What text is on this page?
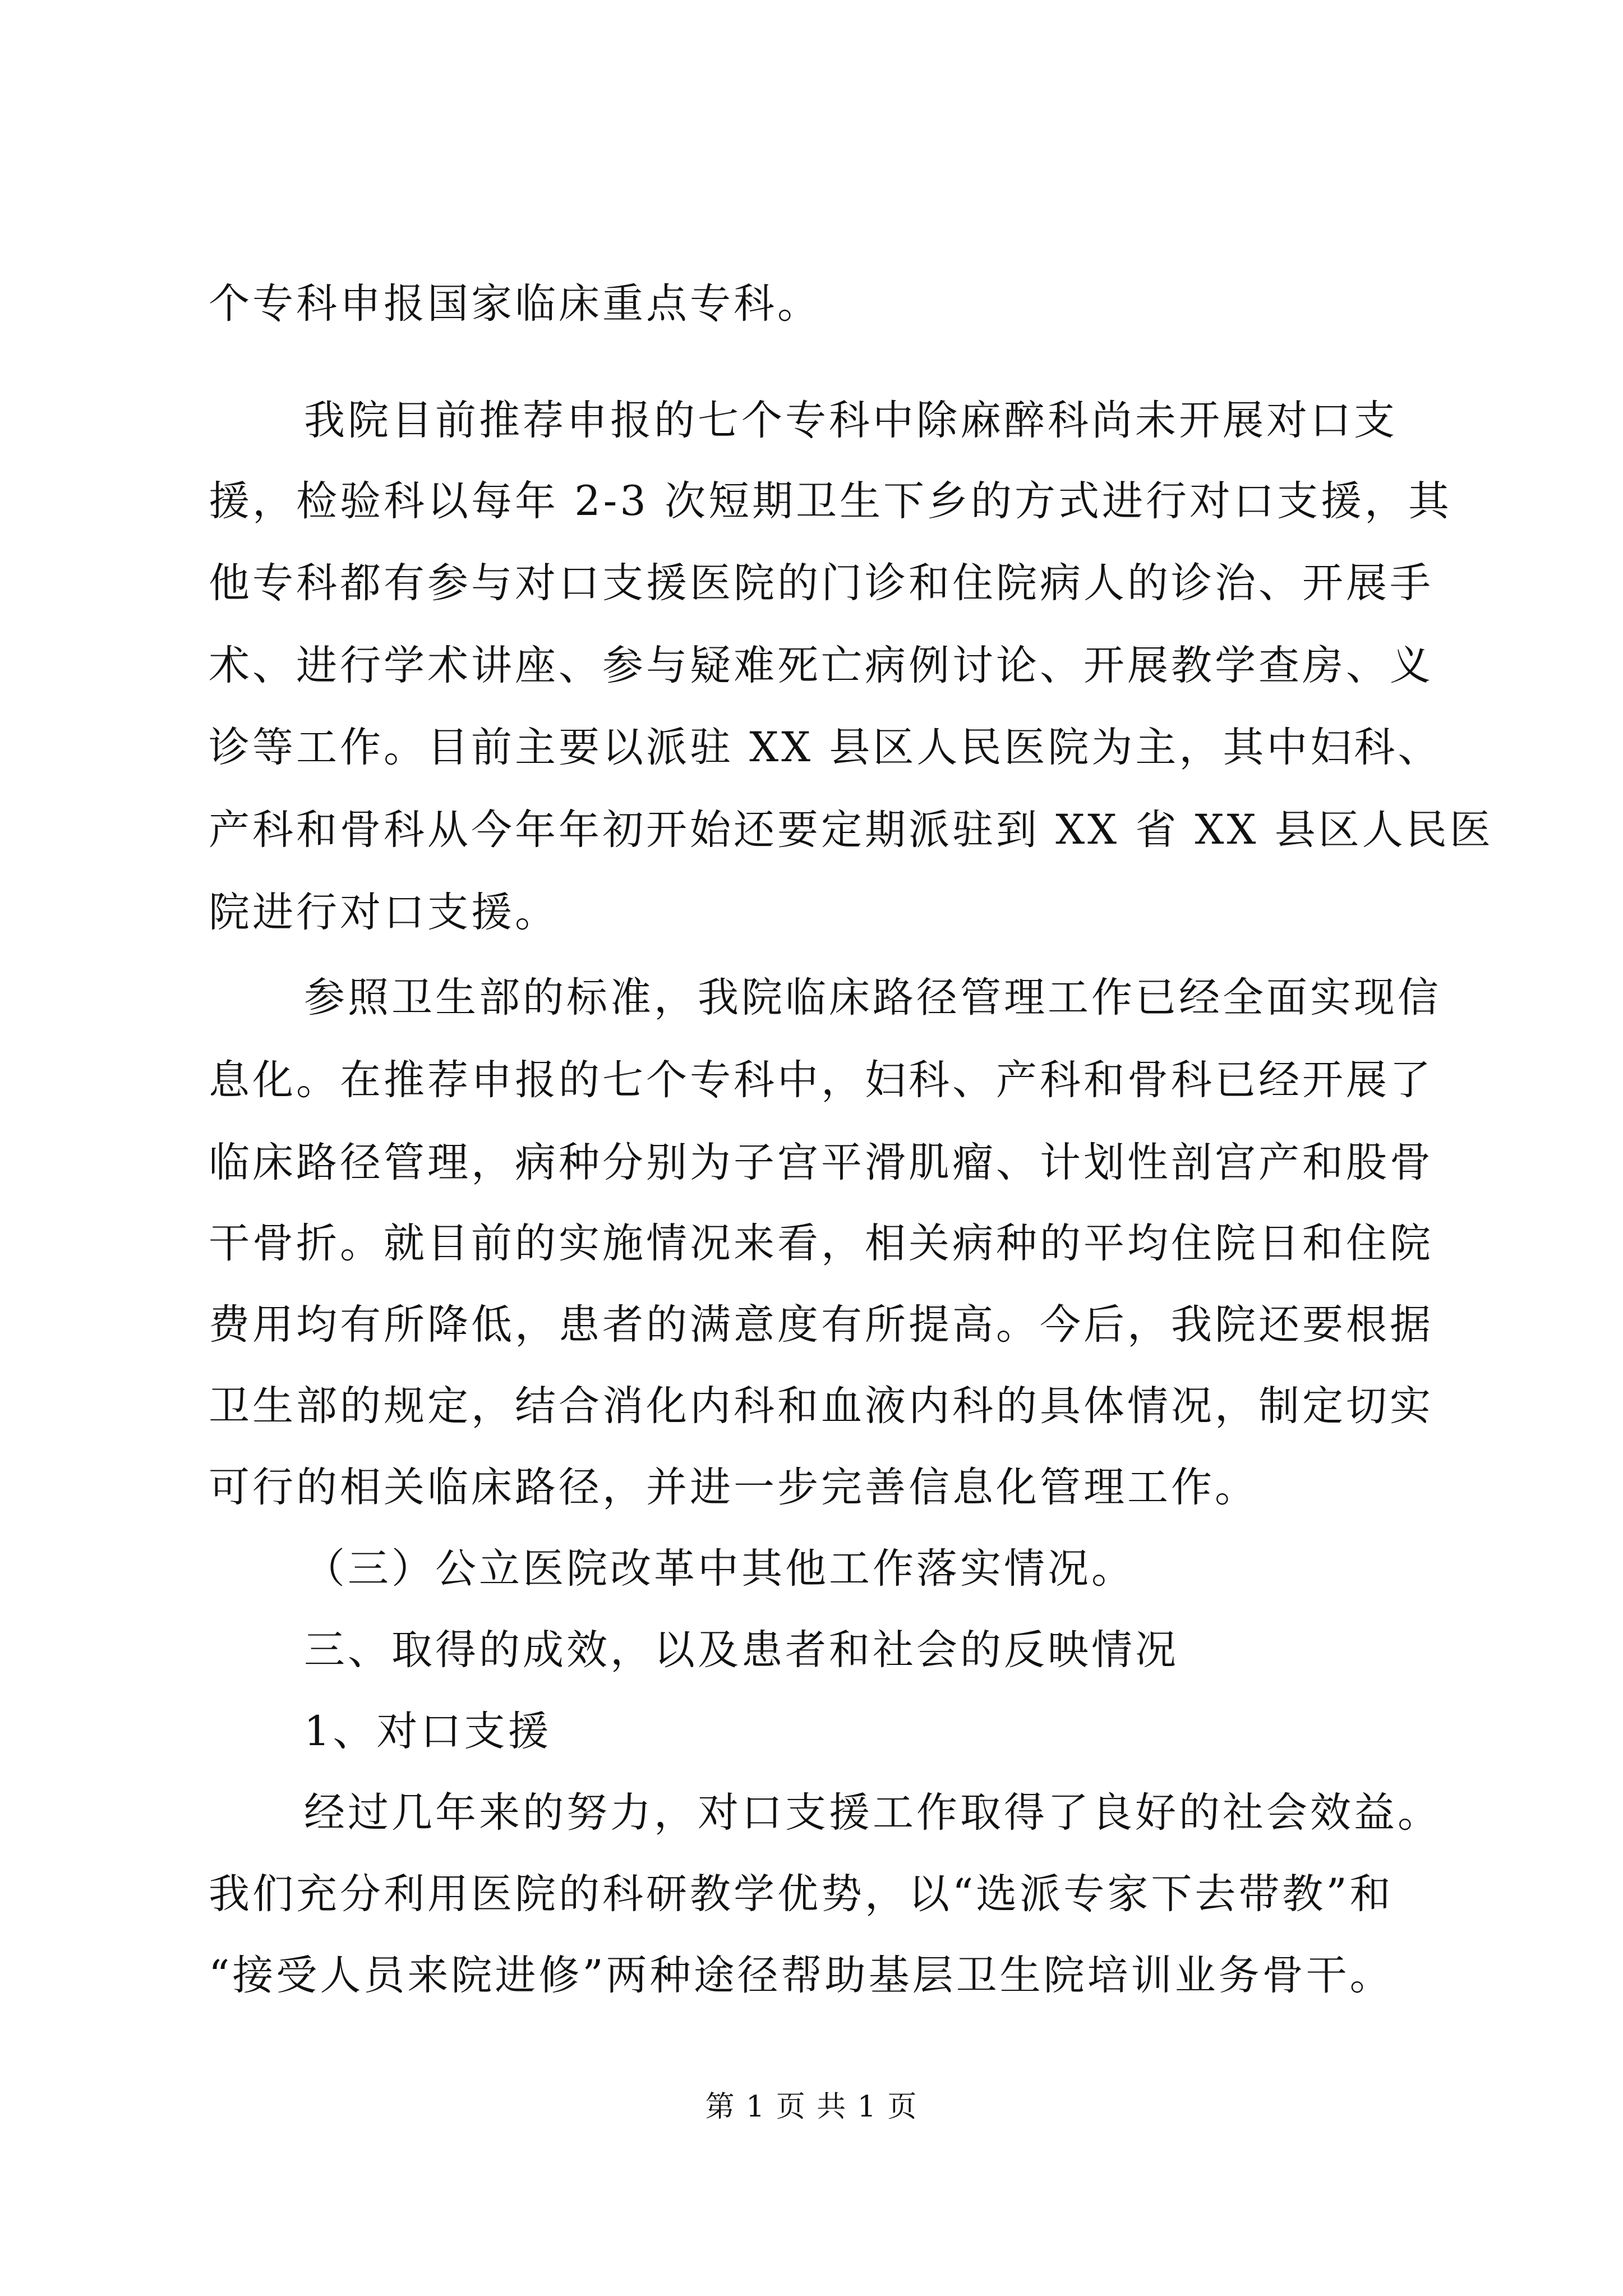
个专科申报国家临床重点专科。
我院目前推荐申报的七个专科中除麻醉科尚未开展对口支
援，检验科以每年 2-3 次短期卫生下乡的方式进行对口支援，其
他专科都有参与对口支援医院的门诊和住院病人的诊治、开展手
术、进行学术讲座、参与疑难死亡病例讨论、开展教学查房、义
诊等工作。目前主要以派驻 XX 县区人民医院为主，其中妇科、
产科和骨科从今年年初开始还要定期派驻到 XX 省 XX 县区人民医
院进行对口支援。
参照卫生部的标准，我院临床路径管理工作已经全面实现信
息化。在推荐申报的七个专科中，妇科、产科和骨科已经开展了
临床路径管理，病种分别为子宫平滑肌瘤、计划性剖宫产和股骨
干骨折。就目前的实施情况来看，相关病种的平均住院日和住院
费用均有所降低，患者的满意度有所提高。今后，我院还要根据
卫生部的规定，结合消化内科和血液内科的具体情况，制定切实
可行的相关临床路径，并进一步完善信息化管理工作。
（三）公立医院改革中其他工作落实情况。
三、取得的成效，以及患者和社会的反映情况
1、对口支援
经过几年来的努力，对口支援工作取得了良好的社会效益。
我们充分利用医院的科研教学优势，以“选派专家下去带教”和
“接受人员来院进修”两种途径帮助基层卫生院培训业务骨干。
第 1 页 共 1 页
